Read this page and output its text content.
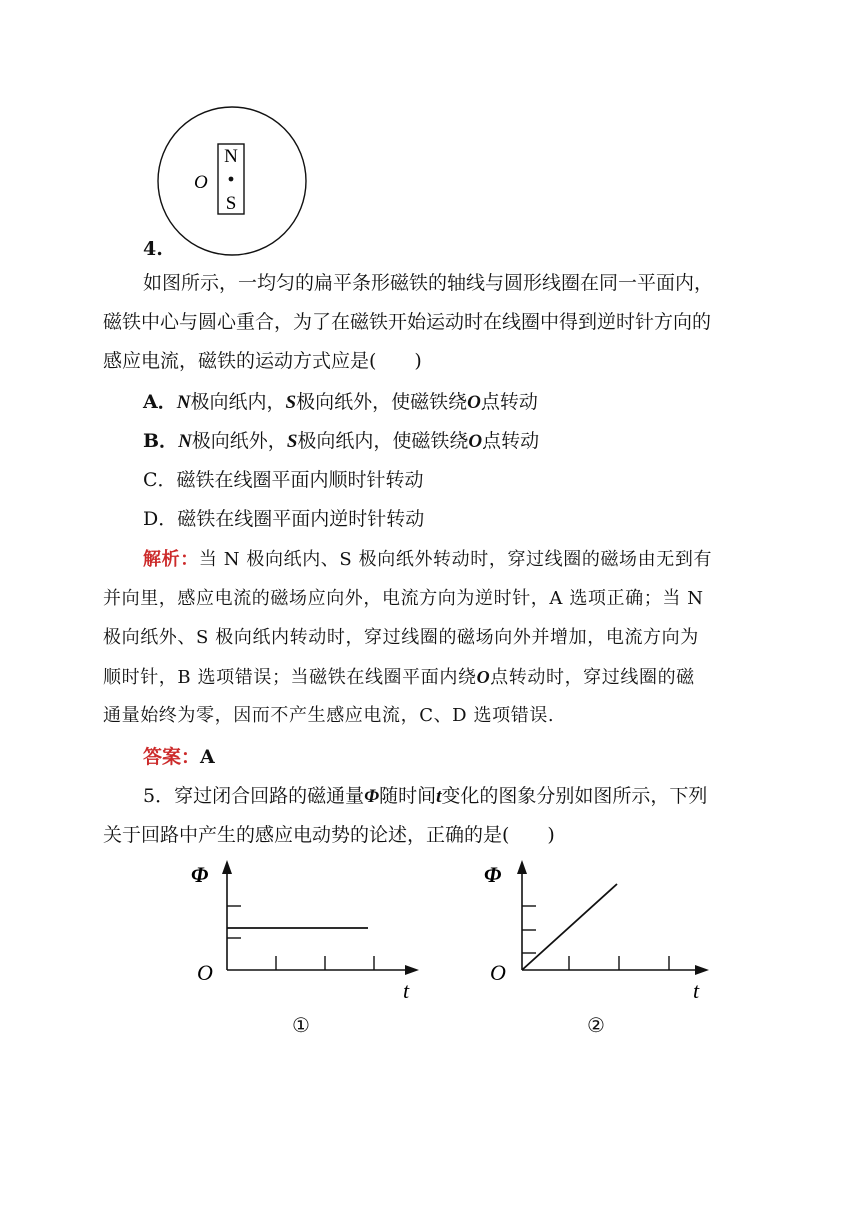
N
S
O
4.
如图所示，一均匀的扁平条形磁铁的轴线与圆形线圈在同一平面内，
磁铁中心与圆心重合，为了在磁铁开始运动时在线圈中得到逆时针方向的
感应电流，磁铁的运动方式应是(　　)
A．N极向纸内，S极向纸外，使磁铁绕O点转动
B．N极向纸外，S极向纸内，使磁铁绕O点转动
C．磁铁在线圈平面内顺时针转动
D．磁铁在线圈平面内逆时针转动
解析：当 N 极向纸内、S 极向纸外转动时，穿过线圈的磁场由无到有
并向里，感应电流的磁场应向外，电流方向为逆时针，A 选项正确；当 N
极向纸外、S 极向纸内转动时，穿过线圈的磁场向外并增加，电流方向为
顺时针，B 选项错误；当磁铁在线圈平面内绕O点转动时，穿过线圈的磁
通量始终为零，因而不产生感应电流，C、D 选项错误.
答案：A
5．穿过闭合回路的磁通量Φ随时间t变化的图象分别如图所示，下列
关于回路中产生的感应电动势的论述，正确的是(　　)
Φ
O
t
①
Φ
O
t
②
